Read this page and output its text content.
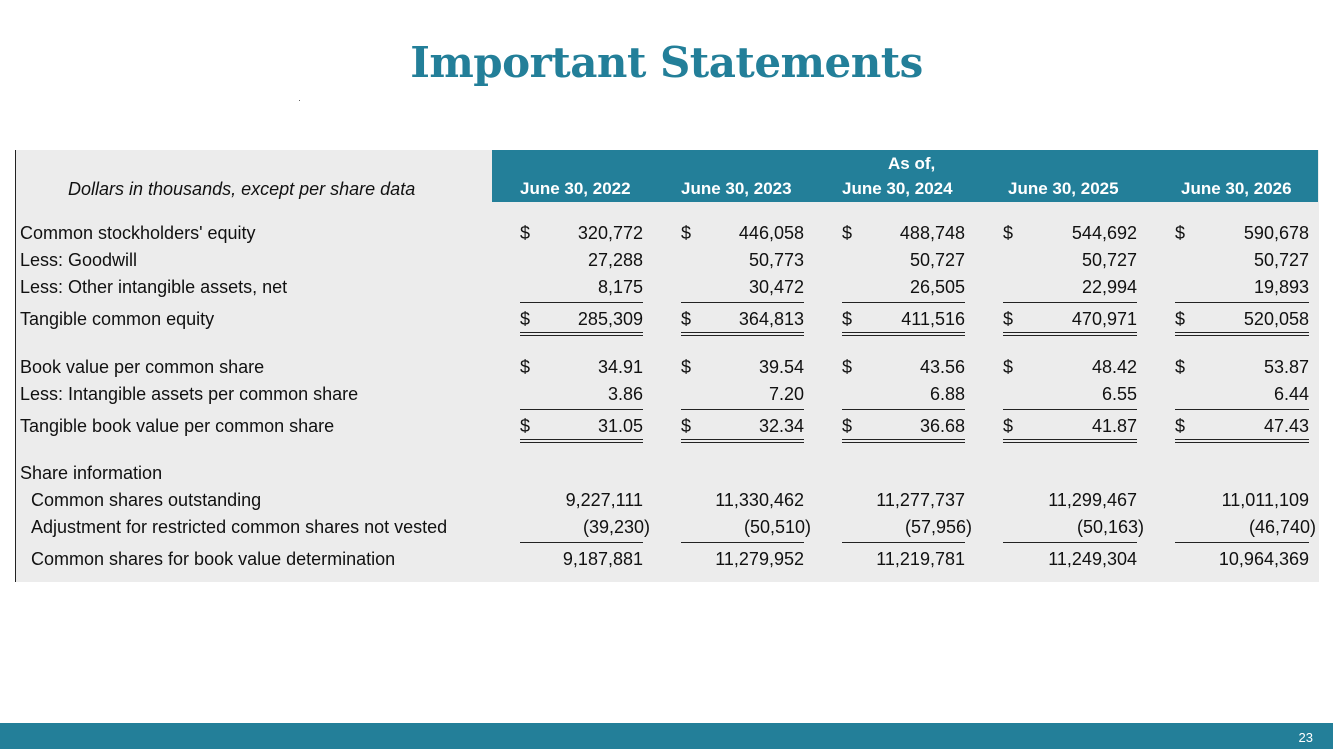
Important Statements
As of,
Dollars in thousands, except per share data	June 30, 2022	June 30, 2023	June 30, 2024	June 30, 2025	June 30, 2026
Common stockholders' equity	$	320,772 $	446,058 $	488,748 $	544,692 $	590,678
Less: Goodwill	27,288	50,773	50,727	50,727	50,727
Less: Other intangible assets, net	8,175	30,472	26,505	22,994	19,893
Tangible common equity	$	285,309 $	364,813 $	411,516 $	470,971 $	520,058
Book value per common share	$	34.91 $	39.54 $	43.56 $	48.42 $	53.87
Less: Intangible assets per common share	3.86	7.20	6.88	6.55	6.44
Tangible book value per common share	$	31.05 $	32.34 $	36.68 $	41.87 $	47.43
Share information
Common shares outstanding	9,227,111	11,330,462	11,277,737	11,299,467	11,011,109
Adjustment for restricted common shares not vested	(39,230)	(50,510)	(57,956)	(50,163)	(46,740)
Common shares for book value determination	9,187,881	11,279,952	11,219,781	11,249,304	10,964,369
23
